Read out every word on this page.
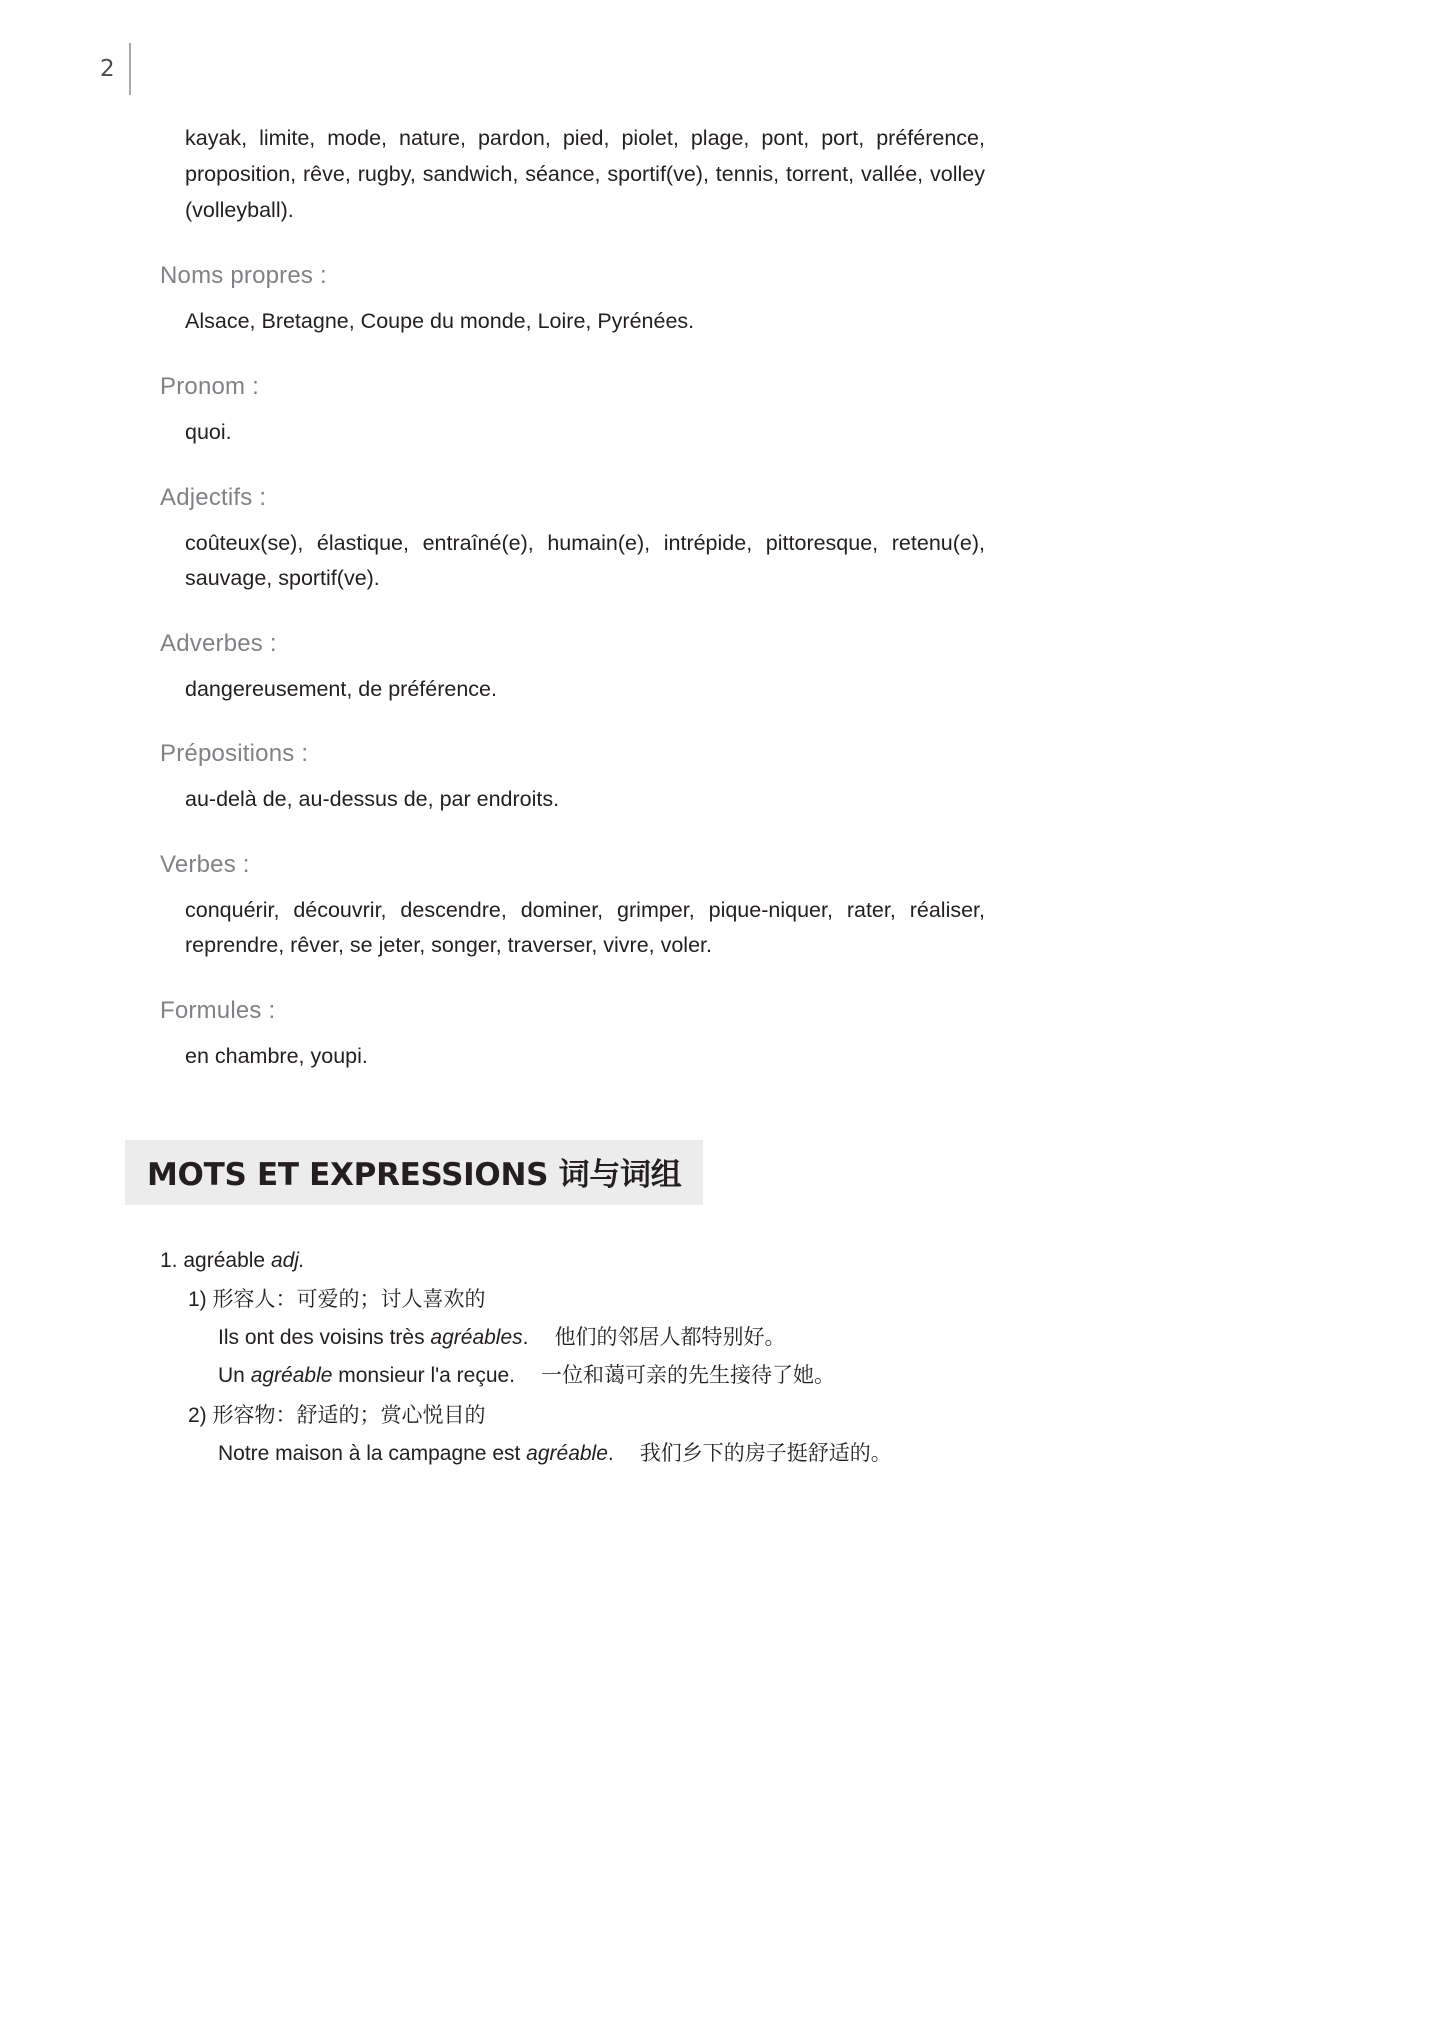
2

kayak, limite, mode, nature, pardon, pied, piolet, plage, pont, port, préférence, proposition, rêve, rugby, sandwich, séance, sportif(ve), tennis, torrent, vallée, volley (volleyball).

Noms propres :
Alsace, Bretagne, Coupe du monde, Loire, Pyrénées.
Pronom :
quoi.
Adjectifs :
coûteux(se), élastique, entraîné(e), humain(e), intrépide, pittoresque, retenu(e), sauvage, sportif(ve).
Adverbes :
dangereusement, de préférence.
Prépositions :
au-delà de, au-dessus de, par endroits.
Verbes :
conquérir, découvrir, descendre, dominer, grimper, pique-niquer, rater, réaliser, reprendre, rêver, se jeter, songer, traverser, vivre, voler.
Formules :
en chambre, youpi.
MOTS ET EXPRESSIONS 词与词组
1. agréable adj.
1) 形容人：可爱的；讨人喜欢的
Ils ont des voisins très agréables. 他们的邻居人都特别好。
Un agréable monsieur l'a reçue. 一位和蔼可亲的先生接待了她。
2) 形容物：舒适的；赏心悦目的
Notre maison à la campagne est agréable. 我们乡下的房子挺舒适的。
